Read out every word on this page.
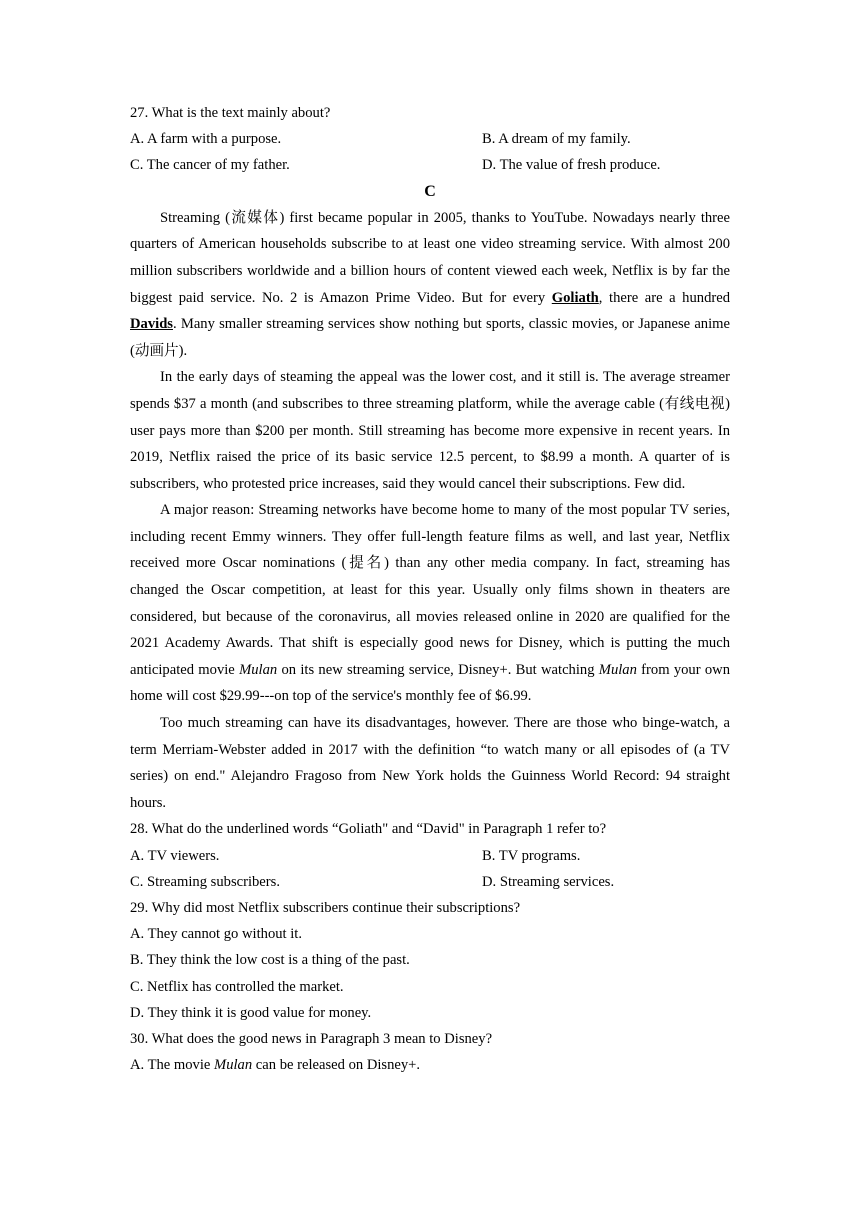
27. What is the text mainly about?
A. A farm with a purpose.	B. A dream of my family.
C. The cancer of my father.	D. The value of fresh produce.
C

Streaming (流媒体) first became popular in 2005, thanks to YouTube. Nowadays nearly three quarters of American households subscribe to at least one video streaming service. With almost 200 million subscribers worldwide and a billion hours of content viewed each week, Netflix is by far the biggest paid service. No. 2 is Amazon Prime Video. But for every Goliath, there are a hundred Davids. Many smaller streaming services show nothing but sports, classic movies, or Japanese anime (动画片).

In the early days of steaming the appeal was the lower cost, and it still is. The average streamer spends $37 a month (and subscribes to three streaming platform, while the average cable (有线电视) user pays more than $200 per month. Still streaming has become more expensive in recent years. In 2019, Netflix raised the price of its basic service 12.5 percent, to $8.99 a month. A quarter of is subscribers, who protested price increases, said they would cancel their subscriptions. Few did.

A major reason: Streaming networks have become home to many of the most popular TV series, including recent Emmy winners. They offer full-length feature films as well, and last year, Netflix received more Oscar nominations (提名) than any other media company. In fact, streaming has changed the Oscar competition, at least for this year. Usually only films shown in theaters are considered, but because of the coronavirus, all movies released online in 2020 are qualified for the 2021 Academy Awards. That shift is especially good news for Disney, which is putting the much anticipated movie Mulan on its new streaming service, Disney+. But watching Mulan from your own home will cost $29.99---on top of the service's monthly fee of $6.99.

Too much streaming can have its disadvantages, however. There are those who binge-watch, a term Merriam-Webster added in 2017 with the definition “to watch many or all episodes of (a TV series) on end." Alejandro Fragoso from New York holds the Guinness World Record: 94 straight hours.

28. What do the underlined words “Goliath" and “David" in Paragraph 1 refer to?
A. TV viewers.	B. TV programs.
C. Streaming subscribers.	D. Streaming services.
29. Why did most Netflix subscribers continue their subscriptions?
A. They cannot go without it.
B. They think the low cost is a thing of the past.
C. Netflix has controlled the market.
D. They think it is good value for money.
30. What does the good news in Paragraph 3 mean to Disney?
A. The movie Mulan can be released on Disney+.
